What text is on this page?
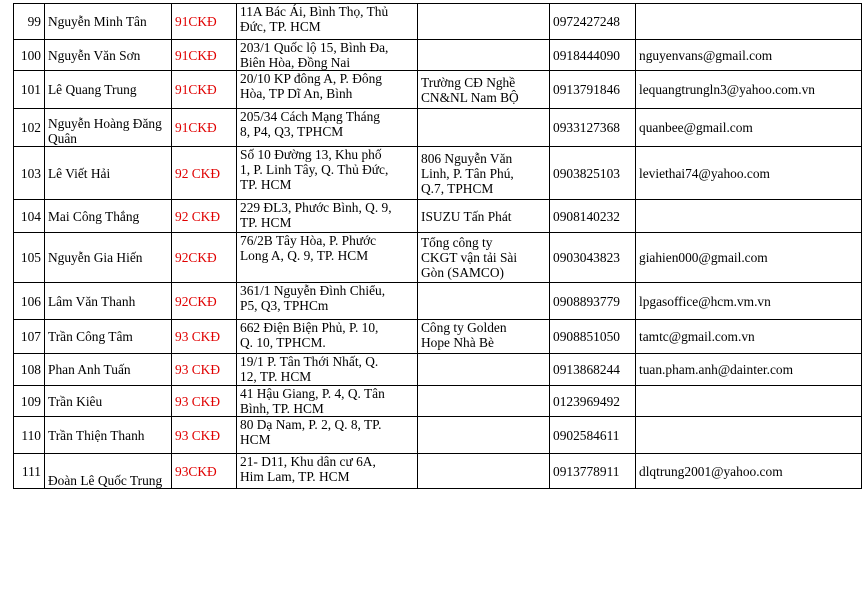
99	Nguyễn Minh Tân	91CKĐ	11A Bác Ái, Bình Thọ, Thủ
Đức, TP. HCM		0972427248	
100	Nguyễn Văn Sơn	91CKĐ	203/1 Quốc lộ 15, Bình Đa,
Biên Hòa, Đồng Nai		0918444090	nguyenvans@gmail.com
101	Lê Quang Trung	91CKĐ	20/10 KP đông A, P. Đông
Hòa, TP Dĩ An, Bình	Trường CĐ Nghề
CN&NL Nam BỘ	0913791846	lequangtrungln3@yahoo.com.vn
102	Nguyễn Hoàng Đăng Quân	91CKĐ	205/34 Cách Mạng Tháng
8, P4, Q3, TPHCM		0933127368	quanbee@gmail.com
103	Lê Viết Hải	92 CKĐ	Số 10 Đường 13, Khu phố
1, P. Linh Tây, Q. Thủ Đức,
TP. HCM	806 Nguyễn Văn
Linh, P. Tân Phú,
Q.7, TPHCM	0903825103	leviethai74@yahoo.com
104	Mai Công Thắng	92 CKĐ	229 ĐL3, Phước Bình, Q. 9,
TP. HCM	ISUZU Tấn Phát	0908140232	
105	Nguyễn Gia Hiến	92CKĐ	76/2B Tây Hòa, P. Phước
Long A, Q. 9, TP. HCM	Tổng công ty
CKGT vận tải Sài
Gòn (SAMCO)	0903043823	giahien000@gmail.com
106	Lâm Văn Thanh	92CKĐ	361/1 Nguyễn Đình Chiểu,
P5, Q3, TPHCm		0908893779	lpgasoffice@hcm.vm.vn
107	Trần Công Tâm	93 CKĐ	662 Điện Biện Phủ, P. 10,
Q. 10, TPHCM.	Công ty Golden
Hope Nhà Bè	0908851050	tamtc@gmail.com.vn
108	Phan Anh Tuấn	93 CKĐ	19/1 P. Tân Thới Nhất, Q.
12, TP. HCM		0913868244	tuan.pham.anh@dainter.com
109	Trần Kiêu	93 CKĐ	41 Hậu Giang, P. 4, Q. Tân
Bình, TP. HCM		0123969492	
110	Trần Thiện Thanh	93 CKĐ	80 Dạ Nam, P. 2, Q. 8, TP.
HCM		0902584611	
111	Đoàn Lê Quốc Trung	93CKĐ	21- D11, Khu dân cư 6A,
Him Lam, TP. HCM		0913778911	dlqtrung2001@yahoo.com
